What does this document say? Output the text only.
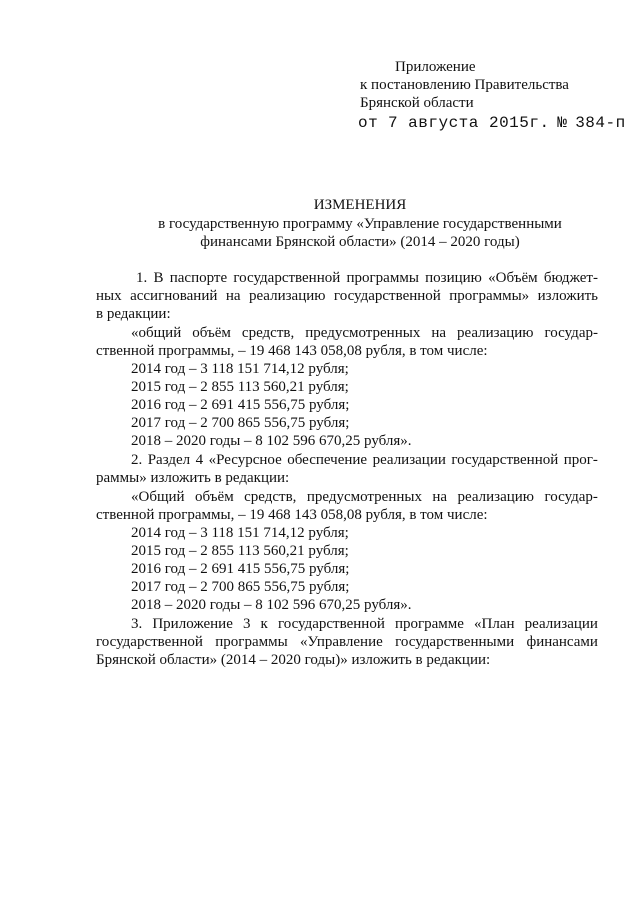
Приложение
к постановлению Правительства
Брянской области
от 7 августа 2015г. № 384-п
ИЗМЕНЕНИЯ
в государственную программу «Управление государственными
финансами Брянской области» (2014 – 2020 годы)
1. В паспорте государственной программы позицию «Объём бюджет-
ных ассигнований на реализацию государственной программы» изложить
в редакции:
«общий объём средств, предусмотренных на реализацию государ-
ственной программы, – 19 468 143 058,08 рубля, в том числе:
2014 год – 3 118 151 714,12 рубля;
2015 год – 2 855 113 560,21 рубля;
2016 год – 2 691 415 556,75 рубля;
2017 год – 2 700 865 556,75 рубля;
2018 – 2020 годы – 8 102 596 670,25 рубля».
2. Раздел 4 «Ресурсное обеспечение реализации государственной прог-
раммы» изложить в редакции:
«Общий объём средств, предусмотренных на реализацию государ-
ственной программы, – 19 468 143 058,08 рубля, в том числе:
2014 год – 3 118 151 714,12 рубля;
2015 год – 2 855 113 560,21 рубля;
2016 год – 2 691 415 556,75 рубля;
2017 год – 2 700 865 556,75 рубля;
2018 – 2020 годы – 8 102 596 670,25 рубля».
3. Приложение 3 к государственной программе «План реализации
государственной программы «Управление государственными финансами
Брянской области» (2014 – 2020 годы)» изложить в редакции:
